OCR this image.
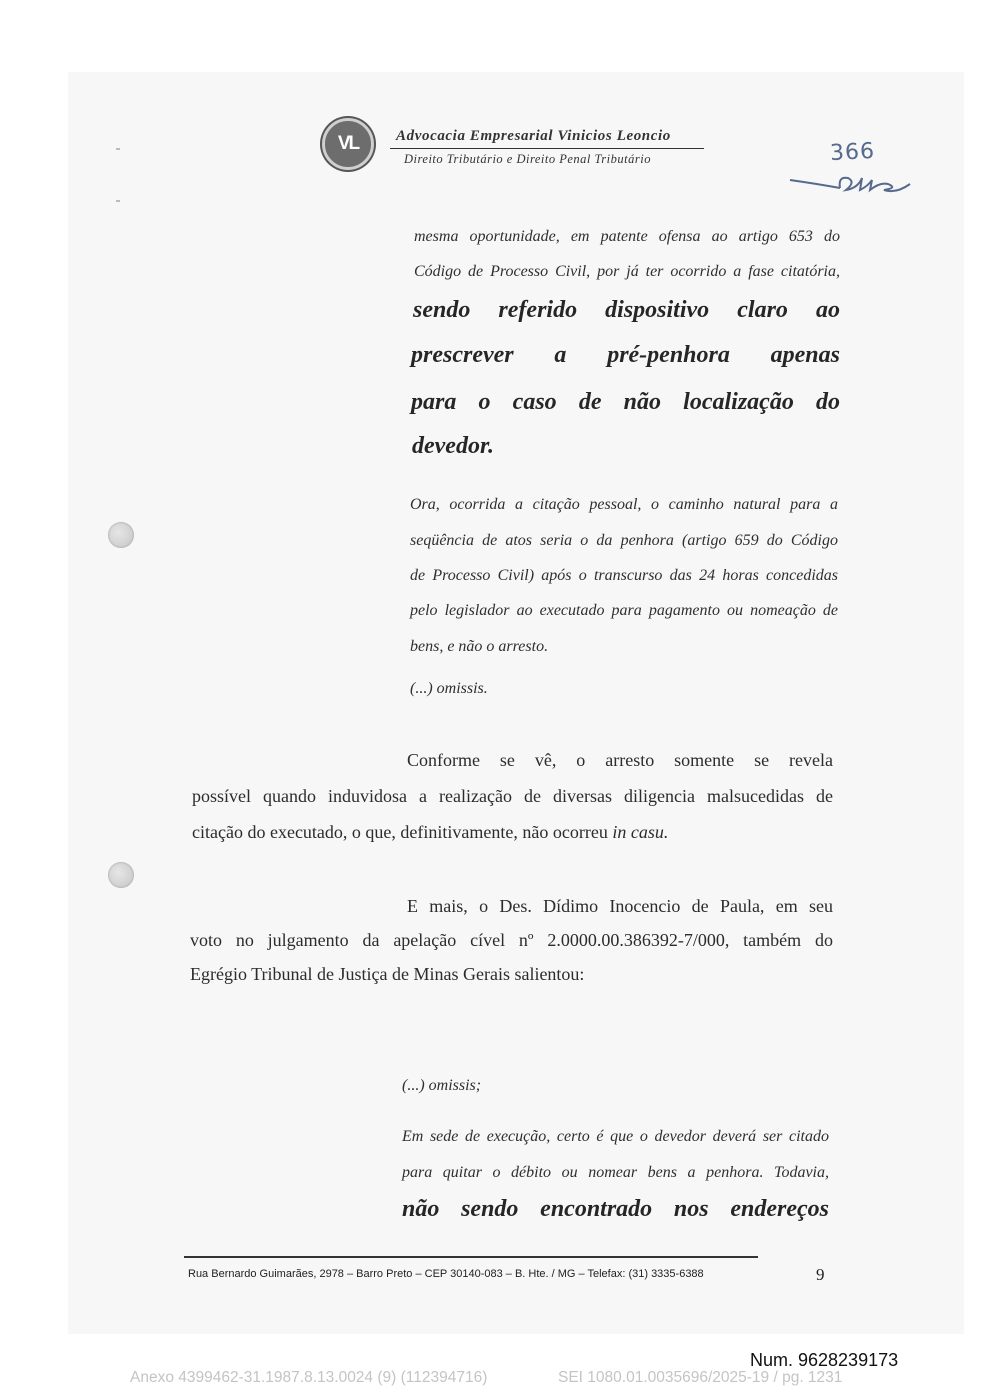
VL	Advocacia Empresarial Vinicios Leoncio
Direito Tributário e Direito Penal Tributário	366
mesma oportunidade, em patente ofensa ao artigo 653 do
Código de Processo Civil, por já ter ocorrido a fase citatória,
sendo referido dispositivo claro ao
prescrever a pré-penhora apenas
para o caso de não localização do
devedor.
Ora, ocorrida a citação pessoal, o caminho natural para a
seqüência de atos seria o da penhora (artigo 659 do Código
de Processo Civil) após o transcurso das 24 horas concedidas
pelo legislador ao executado para pagamento ou nomeação de
bens, e não o arresto.
(...) omissis.
Conforme se vê, o arresto somente se revela
possível quando induvidosa a realização de diversas diligencia malsucedidas de
citação do executado, o que, definitivamente, não ocorreu in casu.
E mais, o Des. Dídimo Inocencio de Paula, em seu
voto no julgamento da apelação cível nº 2.0000.00.386392-7/000, também do
Egrégio Tribunal de Justiça de Minas Gerais salientou:
(...) omissis;
Em sede de execução, certo é que o devedor deverá ser citado
para quitar o débito ou nomear bens a penhora. Todavia,
não sendo encontrado nos endereços
Rua Bernardo Guimarães, 2978 – Barro Preto – CEP 30140-083 – B. Hte. / MG – Telefax: (31) 3335-6388	9
Num. 9628239173
Anexo 4399462-31.1987.8.13.0024 (9) (112394716)	SEI 1080.01.0035696/2025-19 / pg. 1231
